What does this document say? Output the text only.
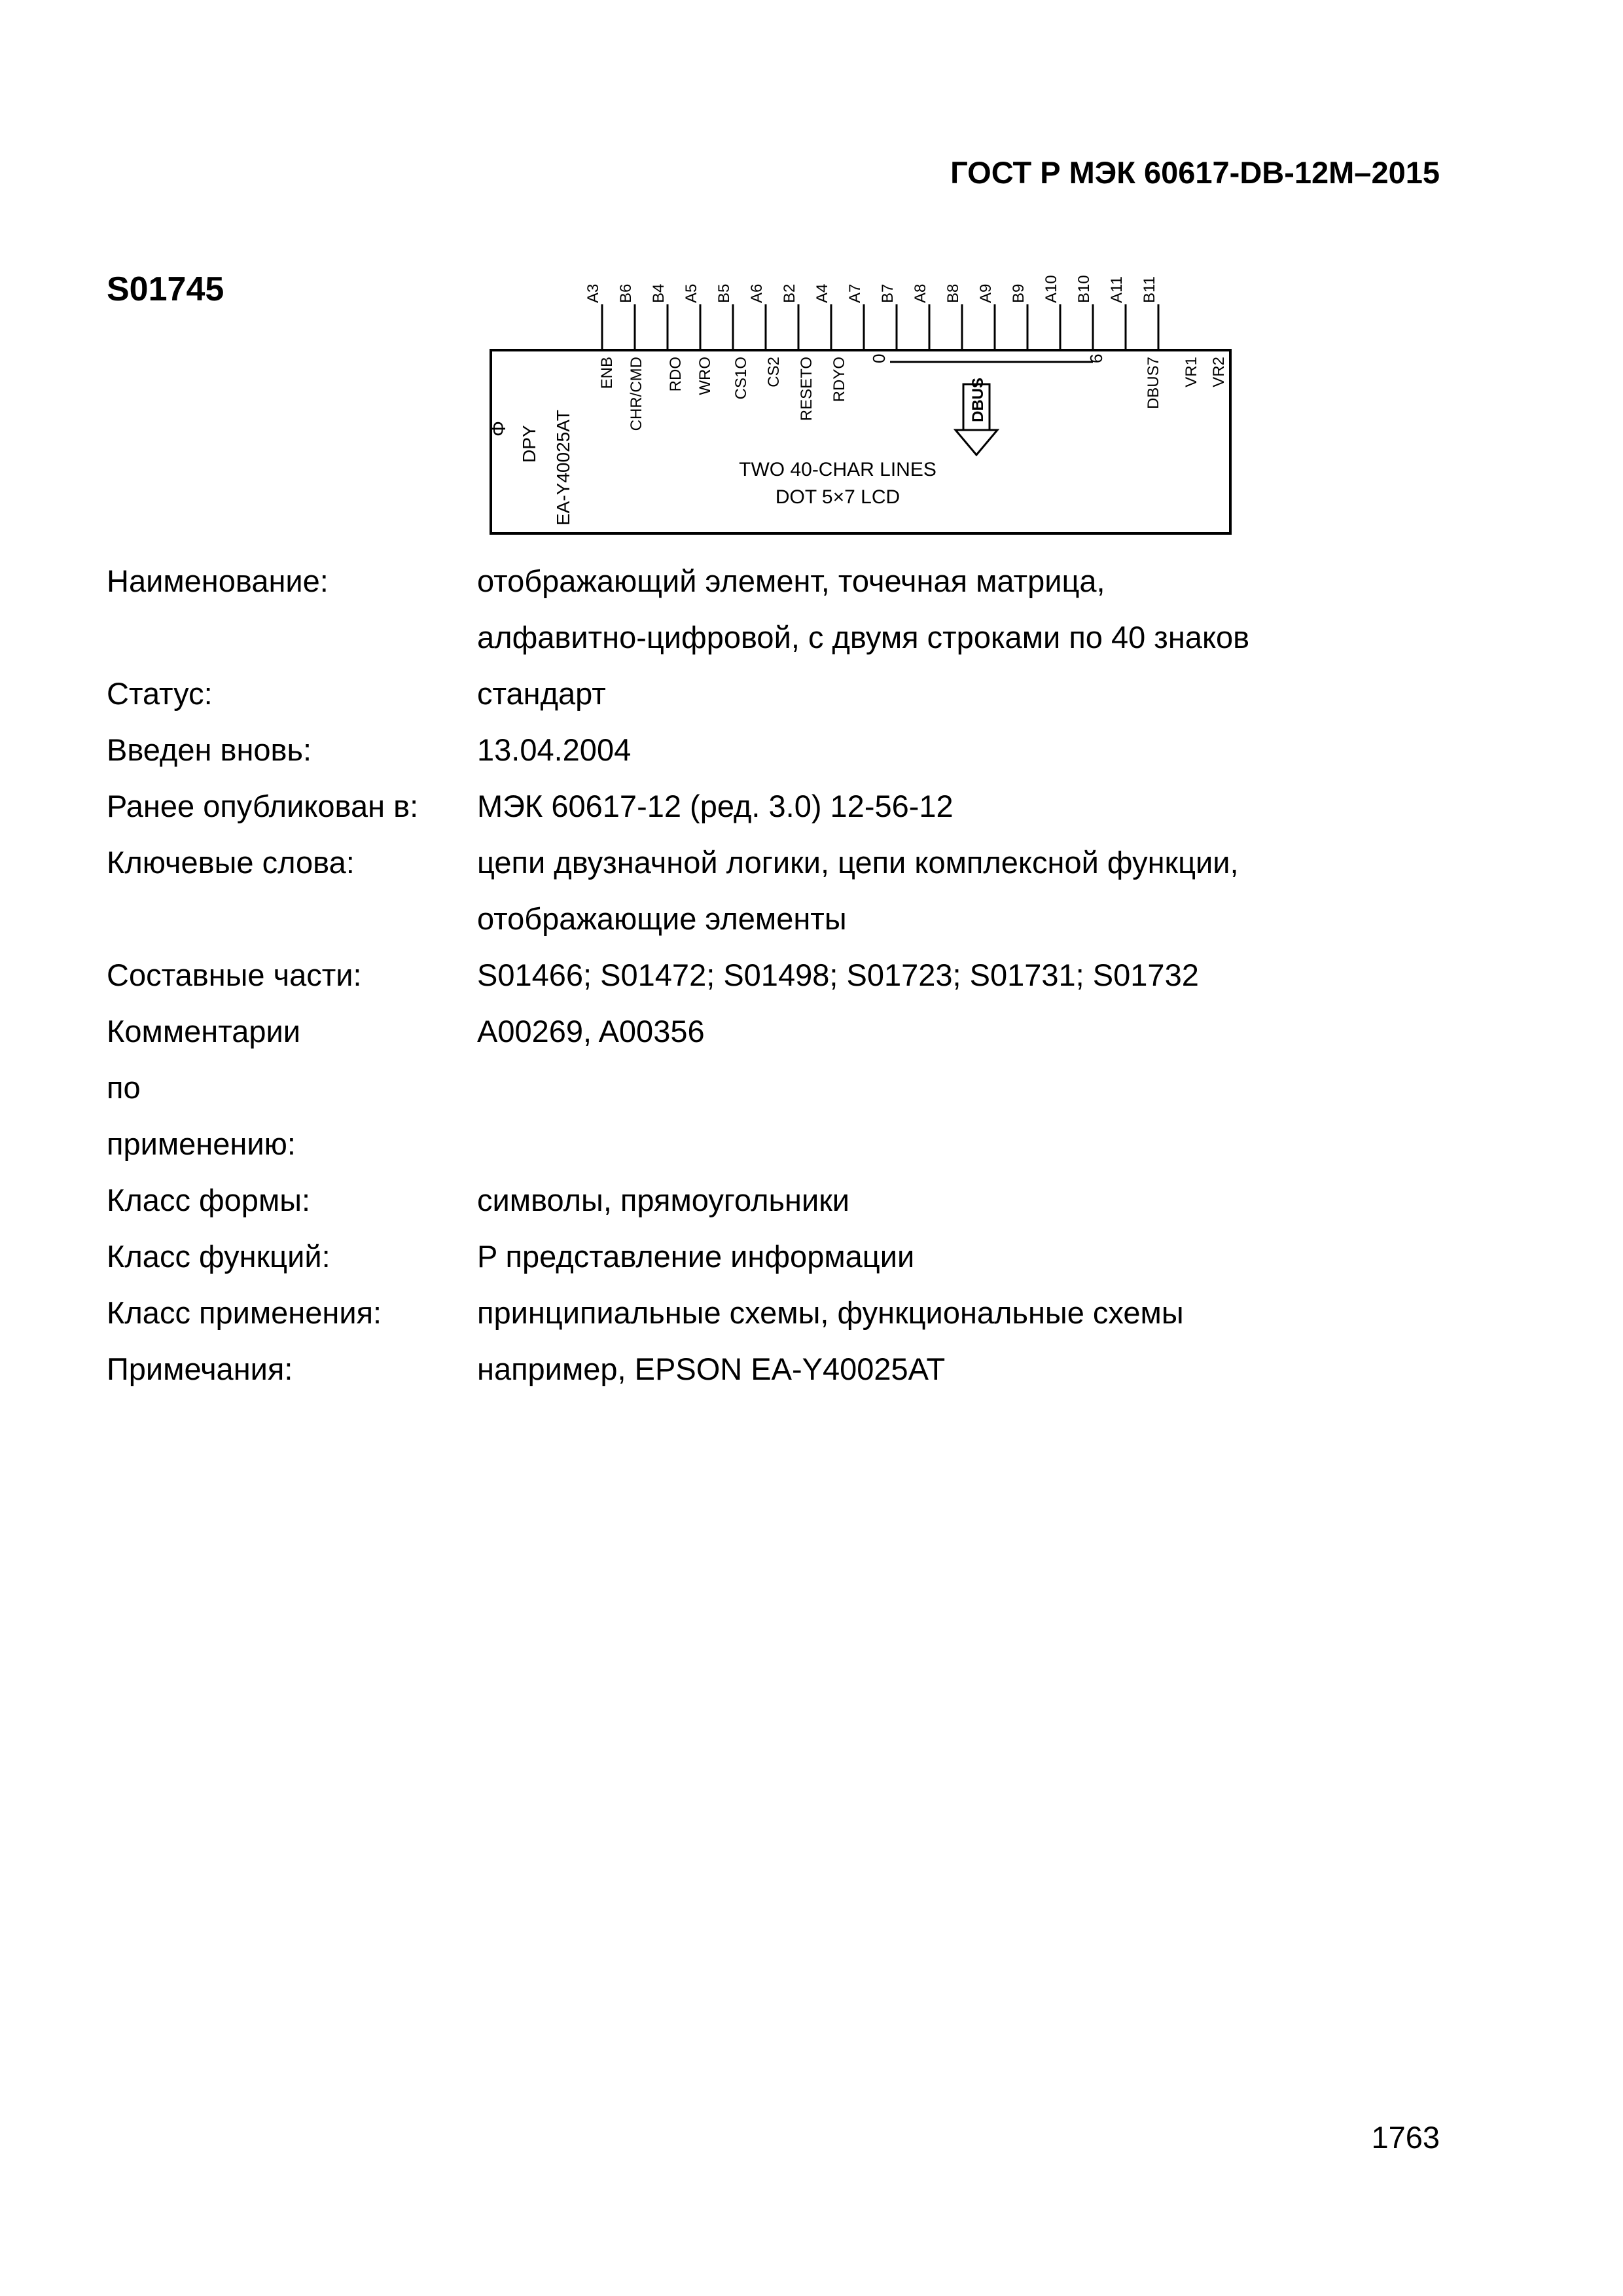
ГОСТ Р МЭК 60617-DB-12M–2015
S01745	A3 B6 B4 A5 B5 A6 B2 A4 A7 B7 A8 B8 A9 B9 A10 B10 A11 B11
ENB CHR/CMD RDO WRO CS1O CS2 RESETO RDYO	DBUS7 VR1 VR2
0	6
DBUS
Φ DPY EA-Y40025AT	TWO 40-CHAR LINES
DOT 5×7 LCD
Наименование:	отображающий элемент, точечная матрица,
алфавитно-цифровой, с двумя строками по 40 знаков

Статус:	стандарт

Введен вновь:	13.04.2004

Ранее опубликован в:	МЭК 60617-12 (ред. 3.0) 12-56-12

Ключевые слова:	цепи двузначной логики, цепи комплексной функции,
отображающие элементы

Составные части:	S01466; S01472; S01498; S01723; S01731; S01732

Комментарии по применению:	A00269, A00356

Класс формы:	символы, прямоугольники

Класс функций:	P представление информации

Класс применения:	принципиальные схемы, функциональные схемы

Примечания:	например, EPSON EA-Y40025AT
1763
